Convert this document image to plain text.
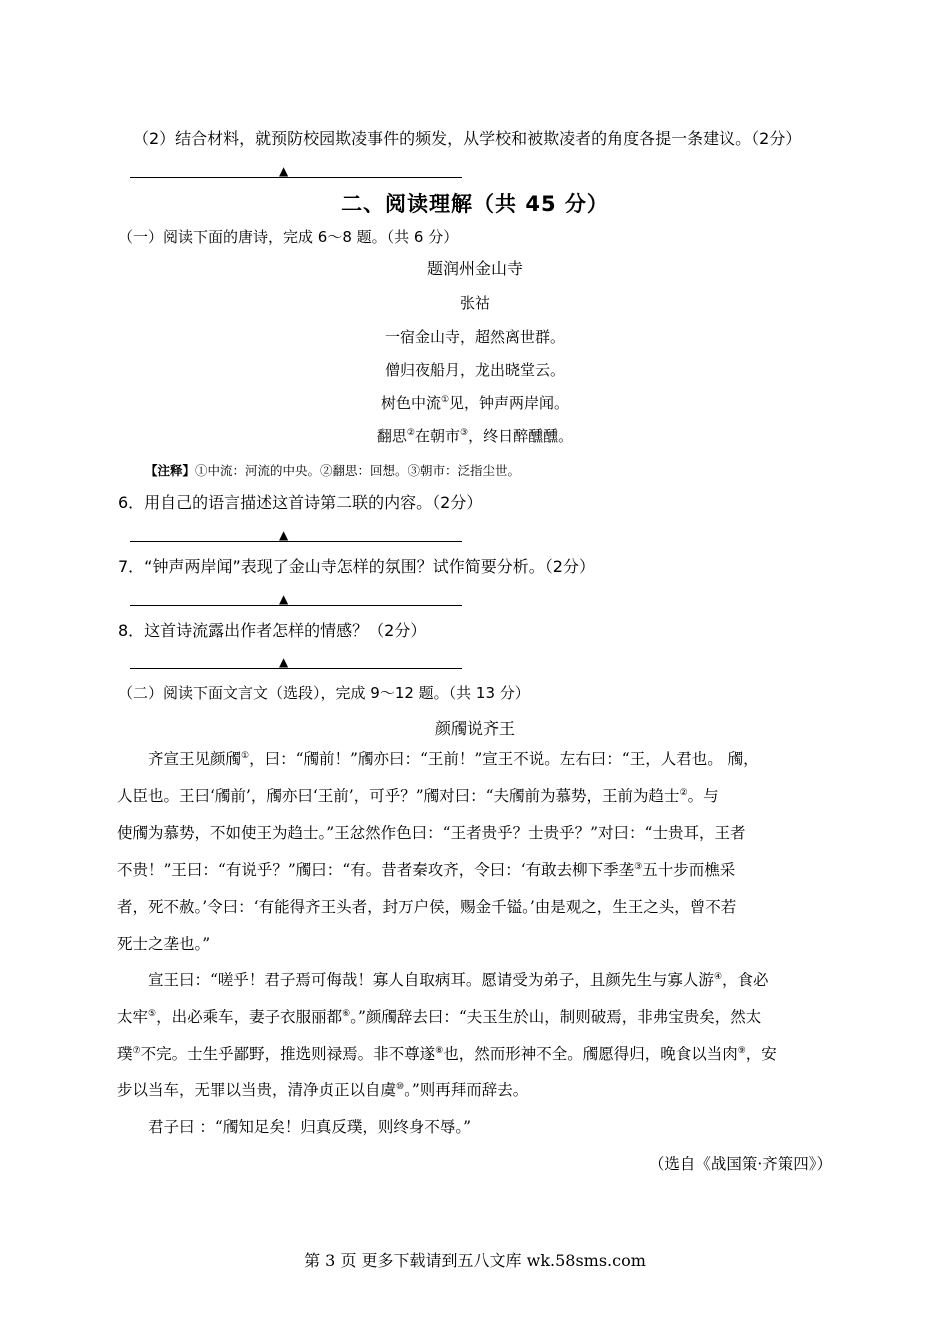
（2）结合材料，就预防校园欺凌事件的频发，从学校和被欺凌者的角度各提一条建议。（2分）
▲
二、阅读理解（共 45 分）
（一）阅读下面的唐诗，完成 6～8 题。（共 6 分）
题润州金山寺
张祜
一宿金山寺，超然离世群。
僧归夜船月，龙出晓堂云。
树色中流①见，钟声两岸闻。
翻思②在朝市③，终日醉醺醺。
【注释】①中流：河流的中央。②翻思：回想。③朝市：泛指尘世。
6．用自己的语言描述这首诗第二联的内容。（2分）
▲
7．“钟声两岸闻”表现了金山寺怎样的氛围？试作简要分析。（2分）
▲
8．这首诗流露出作者怎样的情感？（2分）
▲
（二）阅读下面文言文（选段），完成 9～12 题。（共 13 分）
颜斶说齐王
齐宣王见颜斶①，曰：“斶前！”斶亦曰：“王前！”宣王不说。左右曰：“王，人君也。 斶，
人臣也。王曰‘斶前’，斶亦曰‘王前’，可乎？”斶对曰：“夫斶前为慕势，王前为趋士②。与
使斶为慕势，不如使王为趋士。”王忿然作色曰：“王者贵乎？士贵乎？”对曰：“士贵耳，王者
不贵！”王曰：“有说乎？”斶曰：“有。昔者秦攻齐，令曰：‘有敢去柳下季垄③五十步而樵采
者，死不赦。’令曰：‘有能得齐王头者，封万户侯，赐金千镒。’由是观之，生王之头，曾不若
死士之垄也。”
宣王曰：“嗟乎！君子焉可侮哉！寡人自取病耳。愿请受为弟子，且颜先生与寡人游④，食必
太牢⑤，出必乘车，妻子衣服丽都⑥。”颜斶辞去曰：“夫玉生於山，制则破焉，非弗宝贵矣，然太
璞⑦不完。士生乎鄙野，推选则禄焉。非不尊遂⑧也，然而形神不全。斶愿得归，晚食以当肉⑨，安
步以当车，无罪以当贵，清净贞正以自虞⑩。”则再拜而辞去。
君子曰 ：“斶知足矣！归真反璞，则终身不辱。”
（选自《战国策·齐策四》）
第 3 页 更多下载请到五八文库 wk.58sms.com
